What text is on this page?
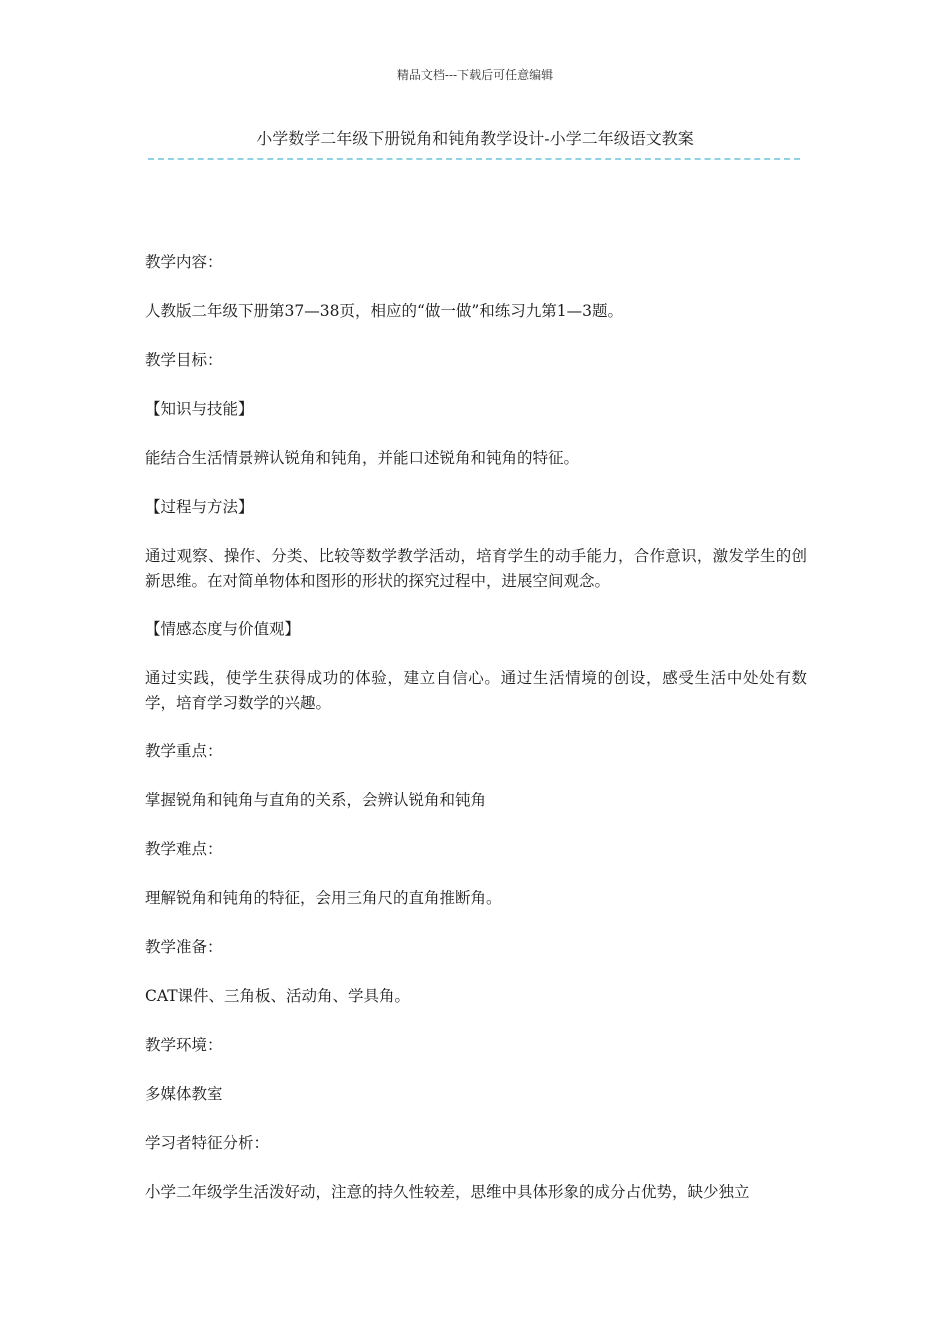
精品文档---下载后可任意编辑
小学数学二年级下册锐角和钝角教学设计-小学二年级语文教案

教学内容：

人教版二年级下册第37—38页，相应的“做一做”和练习九第1—3题。

教学目标：

【知识与技能】

能结合生活情景辨认锐角和钝角，并能口述锐角和钝角的特征。

【过程与方法】

通过观察、操作、分类、比较等数学教学活动，培育学生的动手能力，合作意识，激发学生的创新思维。在对简单物体和图形的形状的探究过程中，进展空间观念。

【情感态度与价值观】

通过实践，使学生获得成功的体验，建立自信心。通过生活情境的创设，感受生活中处处有数学，培育学习数学的兴趣。

教学重点：

掌握锐角和钝角与直角的关系，会辨认锐角和钝角

教学难点：

理解锐角和钝角的特征，会用三角尺的直角推断角。

教学准备：

CAT课件、三角板、活动角、学具角。

教学环境：

多媒体教室

学习者特征分析：

小学二年级学生活泼好动，注意的持久性较差，思维中具体形象的成分占优势，缺少独立
